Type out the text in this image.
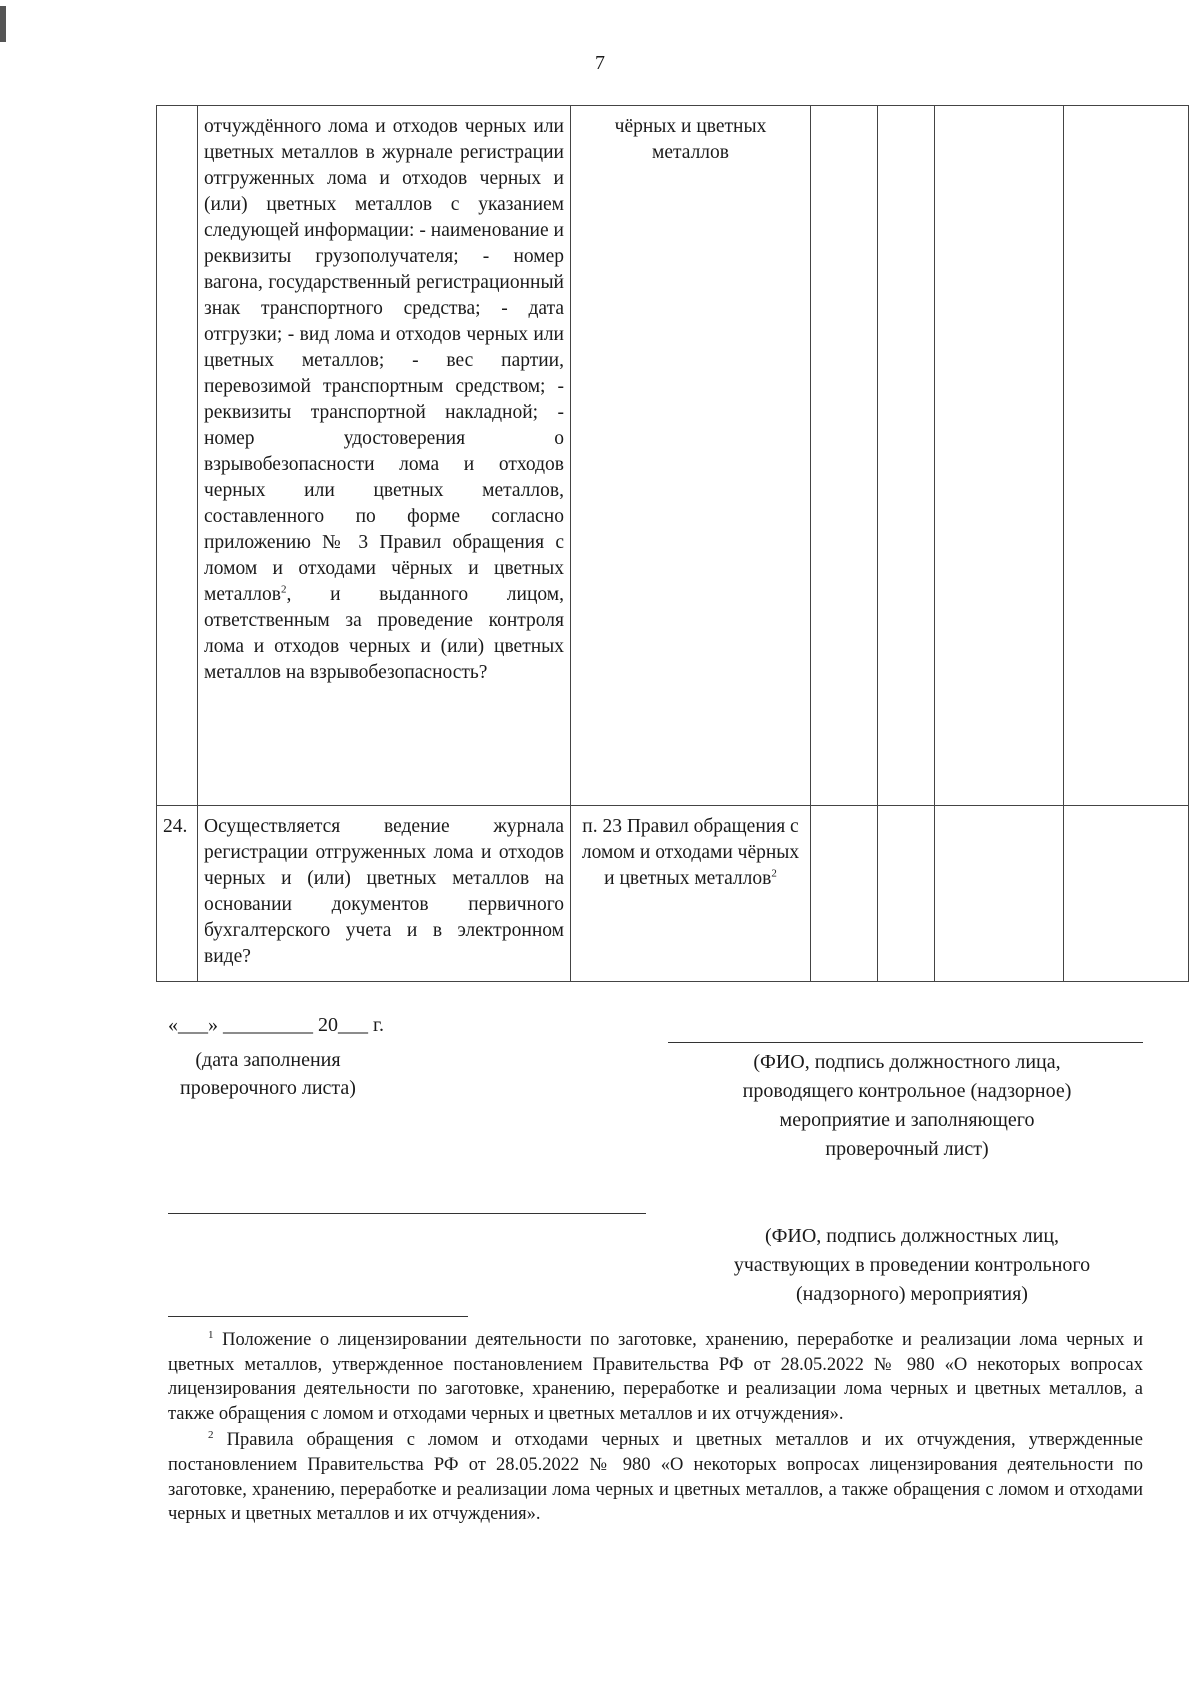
7
	отчуждённого лома и отходов черных или цветных металлов в журнале регистрации отгруженных лома и отходов черных и (или) цветных металлов с указанием следующей информации: - наименование и реквизиты грузополучателя; - номер вагона, государственный регистрационный знак транспортного средства; - дата отгрузки; - вид лома и отходов черных или цветных металлов; - вес партии, перевозимой транспортным средством; - реквизиты транспортной накладной; - номер удостоверения о взрывобезопасности лома и отходов черных или цветных металлов, составленного по форме согласно приложению № 3 Правил обращения с ломом и отходами чёрных и цветных металлов$^2$, и выданного лицом, ответственным за проведение контроля лома и отходов черных и (или) цветных металлов на взрывобезопасность?	чёрных и цветных металлов				
24.	Осуществляется ведение журнала регистрации отгруженных лома и отходов черных и (или) цветных металлов на основании документов первичного бухгалтерского учета и в электронном виде?	п. 23 Правил обращения с ломом и отходами чёрных и цветных металлов$^2$				
«___» _________ 20___ г.
(дата заполнения
проверочного листа)
(ФИО, подпись должностного лица,
проводящего контрольное (надзорное)
мероприятие и заполняющего
проверочный лист)
(ФИО, подпись должностных лиц,
участвующих в проведении контрольного
(надзорного) мероприятия)

$^1$ Положение о лицензировании деятельности по заготовке, хранению, переработке и реализации лома черных и цветных металлов, утвержденное постановлением Правительства РФ от 28.05.2022 № 980 «О некоторых вопросах лицензирования деятельности по заготовке, хранению, переработке и реализации лома черных и цветных металлов, а также обращения с ломом и отходами черных и цветных металлов и их отчуждения».

$^2$ Правила обращения с ломом и отходами черных и цветных металлов и их отчуждения, утвержденные постановлением Правительства РФ от 28.05.2022 № 980 «О некоторых вопросах лицензирования деятельности по заготовке, хранению, переработке и реализации лома черных и цветных металлов, а также обращения с ломом и отходами черных и цветных металлов и их отчуждения».
